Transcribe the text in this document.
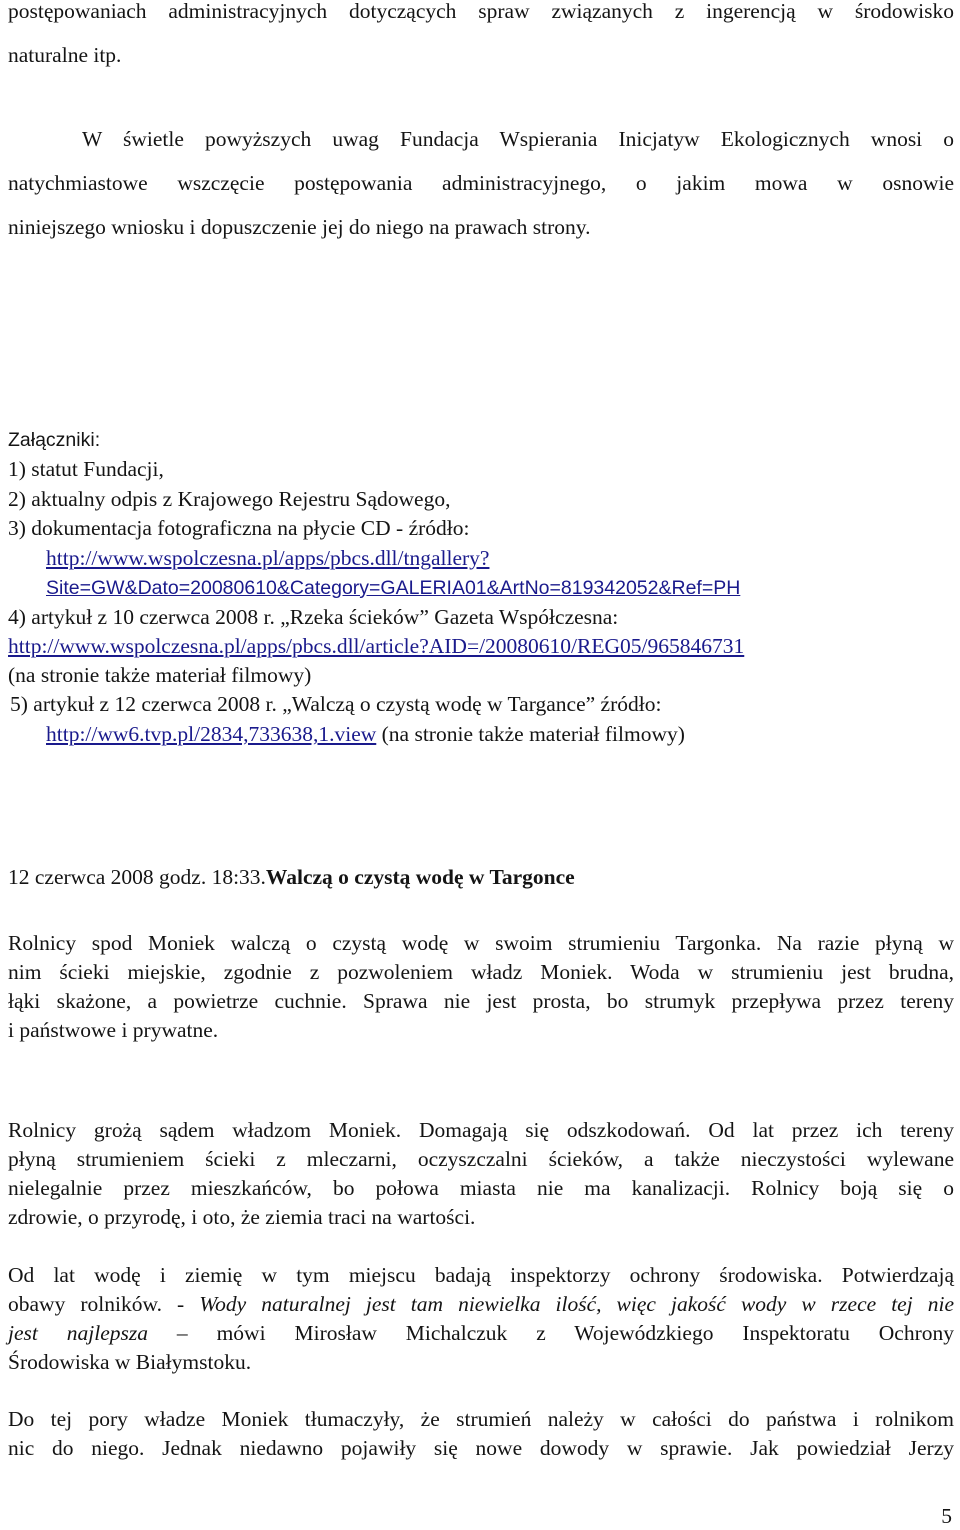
postępowaniach administracyjnych dotyczących spraw związanych z ingerencją w środowisko
naturalne itp.
W świetle powyższych uwag Fundacja Wspierania Inicjatyw Ekologicznych wnosi o
natychmiastowe wszczęcie postępowania administracyjnego, o jakim mowa w osnowie
niniejszego wniosku i dopuszczenie jej do niego na prawach strony.
Załączniki:
1) statut Fundacji,
2) aktualny odpis z Krajowego Rejestru Sądowego,
3) dokumentacja fotograficzna na płycie CD - źródło:
http://www.wspolczesna.pl/apps/pbcs.dll/tngallery?
Site=GW&Dato=20080610&Category=GALERIA01&ArtNo=819342052&Ref=PH
4) artykuł z 10 czerwca 2008 r. „Rzeka ścieków” Gazeta Współczesna:
http://www.wspolczesna.pl/apps/pbcs.dll/article?AID=/20080610/REG05/965846731
(na stronie także materiał filmowy)
5) artykuł z 12 czerwca 2008 r. „Walczą o czystą wodę w Targance” źródło:
http://ww6.tvp.pl/2834,733638,1.view (na stronie także materiał filmowy)
12 czerwca 2008 godz. 18:33.Walczą o czystą wodę w Targonce
Rolnicy spod Moniek walczą o czystą wodę w swoim strumieniu Targonka. Na razie płyną w
nim ścieki miejskie, zgodnie z pozwoleniem władz Moniek. Woda w strumieniu jest brudna,
łąki skażone, a powietrze cuchnie. Sprawa nie jest prosta, bo strumyk przepływa przez tereny
i państwowe i prywatne.
Rolnicy grożą sądem władzom Moniek. Domagają się odszkodowań. Od lat przez ich tereny
płyną strumieniem ścieki z mleczarni, oczyszczalni ścieków, a także nieczystości wylewane
nielegalnie przez mieszkańców, bo połowa miasta nie ma kanalizacji. Rolnicy boją się o
zdrowie, o przyrodę, i oto, że ziemia traci na wartości.
Od lat wodę i ziemię w tym miejscu badają inspektorzy ochrony środowiska. Potwierdzają
obawy rolników. - Wody naturalnej jest tam niewielka ilość, więc jakość wody w rzece tej nie
jest najlepsza – mówi Mirosław Michalczuk z Wojewódzkiego Inspektoratu Ochrony
Środowiska w Białymstoku.
Do tej pory władze Moniek tłumaczyły, że strumień należy w całości do państwa i rolnikom
nic do niego. Jednak niedawno pojawiły się nowe dowody w sprawie. Jak powiedział Jerzy
5
